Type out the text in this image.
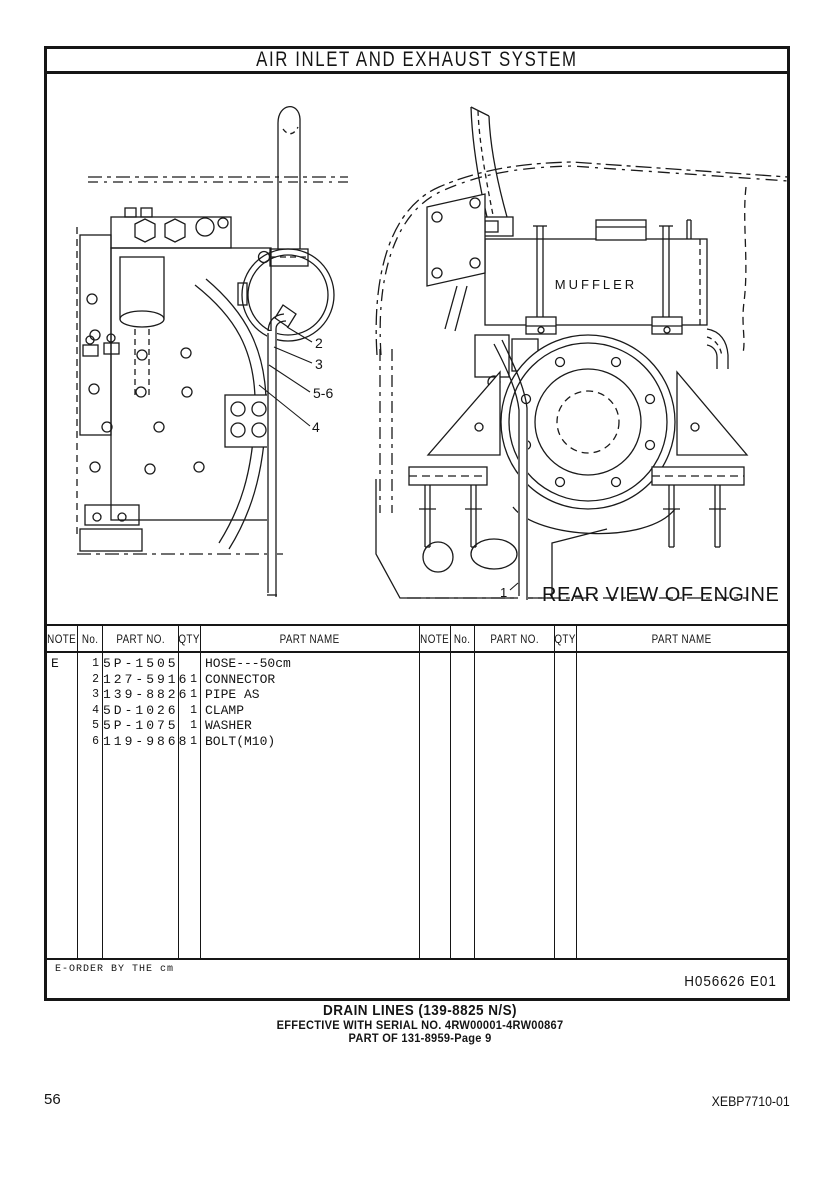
AIR INLET AND EXHAUST SYSTEM
2
3
5-6
4
MUFFLER
1 REAR VIEW OF ENGINE
NOTE
E
No.
1
2
3
4
5
6
PART NO.
5P-1505
127-5916
139-8826
5D-1026
5P-1075
119-9868
QTY
1
1
1
1
1
PART NAME
HOSE---50cm
CONNECTOR
PIPE AS
CLAMP
WASHER
BOLT(M10)
NOTE No. PART NO. QTY	PART NAME
E-ORDER BY THE cm
H056626 E01
DRAIN LINES (139-8825 N/S)
EFFECTIVE WITH SERIAL NO. 4RW00001-4RW00867
PART OF 131-8959-Page 9
56	XEBP7710-01
